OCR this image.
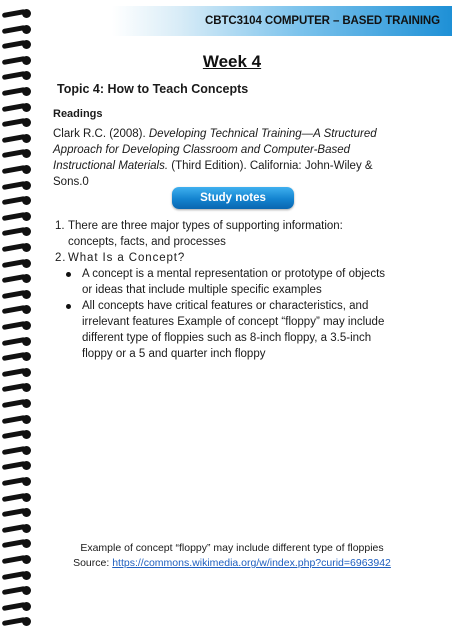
CBTC3104 COMPUTER – BASED TRAINING
Week 4
Topic 4: How to Teach Concepts
Readings
Clark R.C. (2008). Developing Technical Training—A Structured Approach for Developing Classroom and Computer-Based Instructional Materials. (Third Edition). California: John-Wiley & Sons.0
Study notes
1. There are three major types of supporting information: concepts, facts, and processes
2. What Is a Concept?
A concept is a mental representation or prototype of objects or ideas that include multiple specific examples
All concepts have critical features or characteristics, and irrelevant features Example of concept “floppy” may include different type of floppies such as 8-inch floppy, a 3.5-inch floppy or a 5 and quarter inch floppy
Example of concept “floppy” may include different type of floppies
Source: https://commons.wikimedia.org/w/index.php?curid=6963942
